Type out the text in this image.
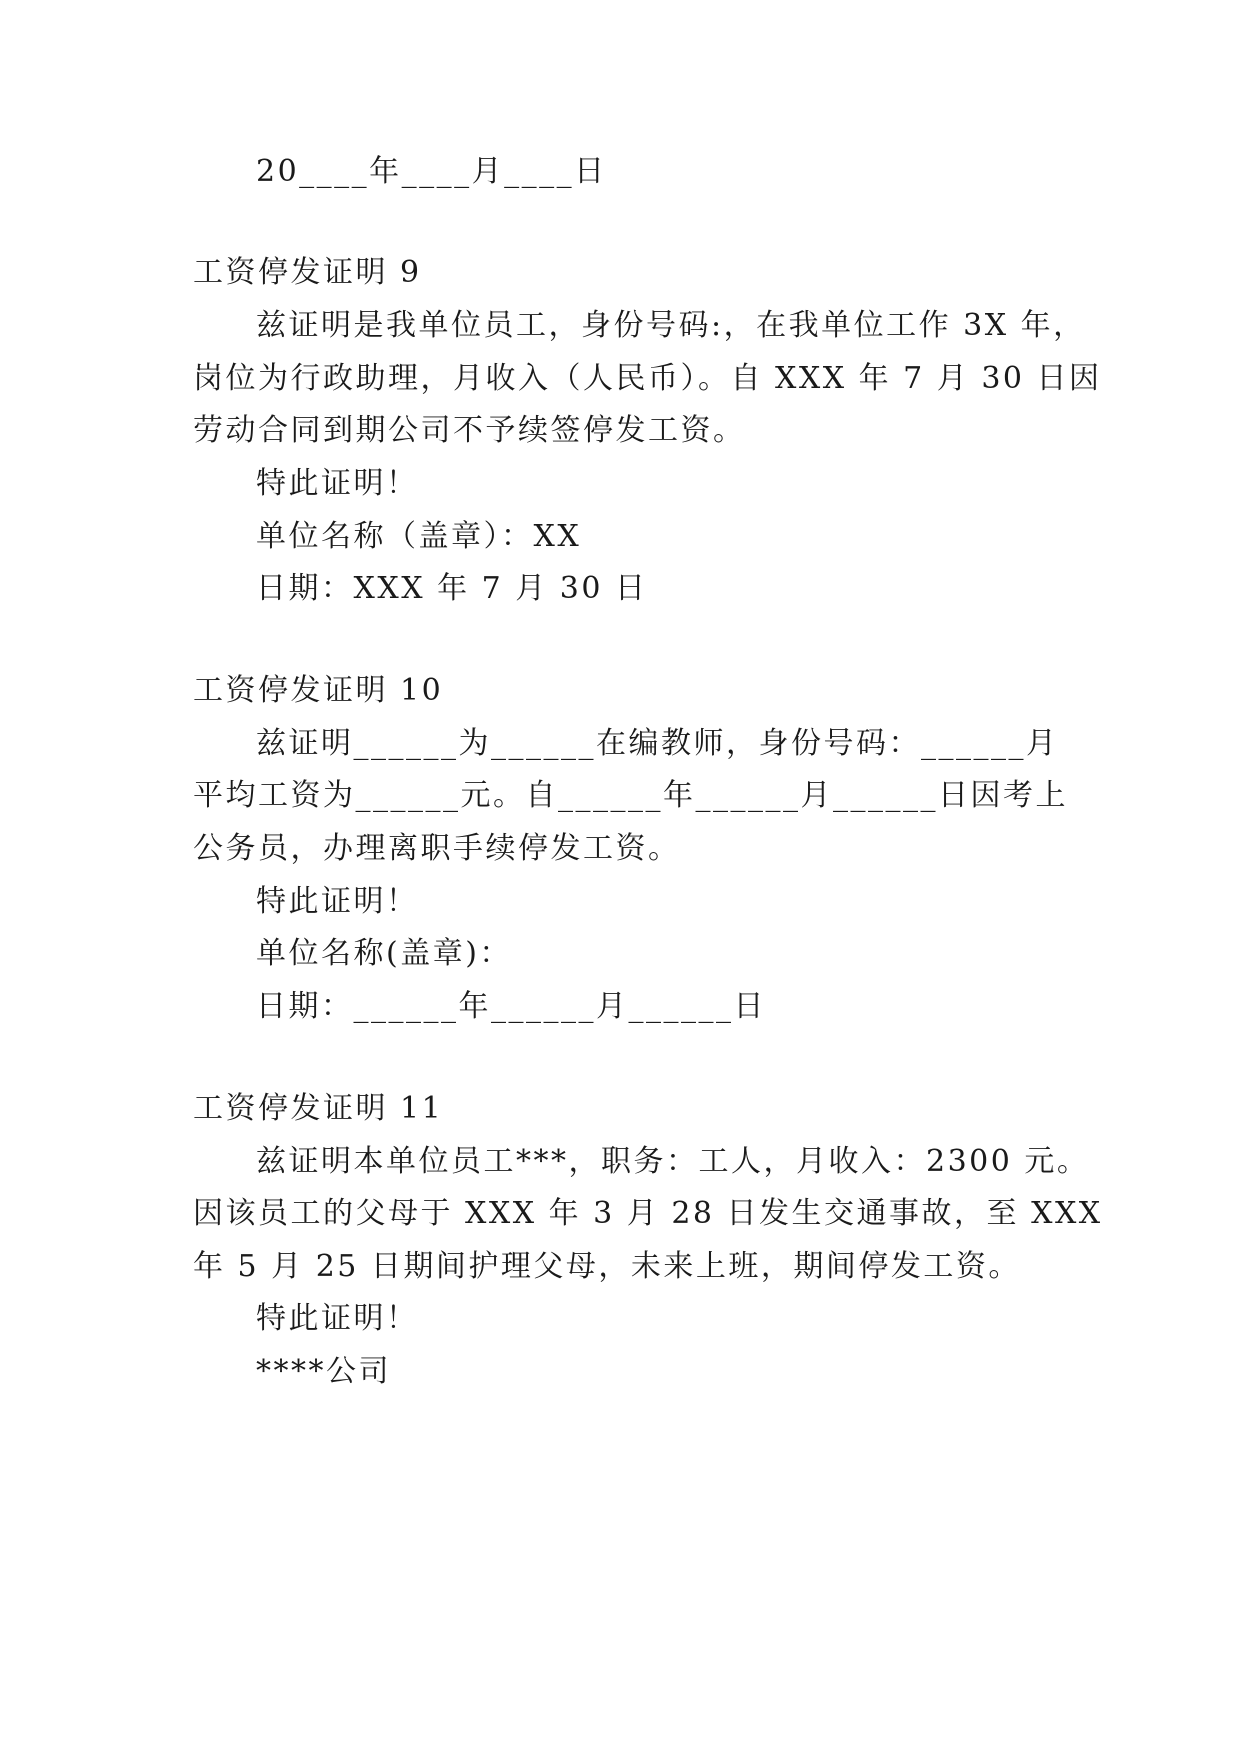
20____年____月____日

工资停发证明 9

兹证明是我单位员工，身份号码:，在我单位工作 3X 年，

岗位为行政助理，月收入（人民币）。自 XXX 年 7 月 30 日因

劳动合同到期公司不予续签停发工资。

特此证明！

单位名称（盖章）：XX

日期：XXX 年 7 月 30 日

工资停发证明 10

兹证明______为______在编教师，身份号码：______月

平均工资为______元。自______年______月______日因考上

公务员，办理离职手续停发工资。

特此证明！

单位名称(盖章)：

日期：______年______月______日

工资停发证明 11

兹证明本单位员工***，职务：工人，月收入：2300 元。

因该员工的父母于 XXX 年 3 月 28 日发生交通事故，至 XXX

年 5 月 25 日期间护理父母，未来上班，期间停发工资。

特此证明！

****公司
